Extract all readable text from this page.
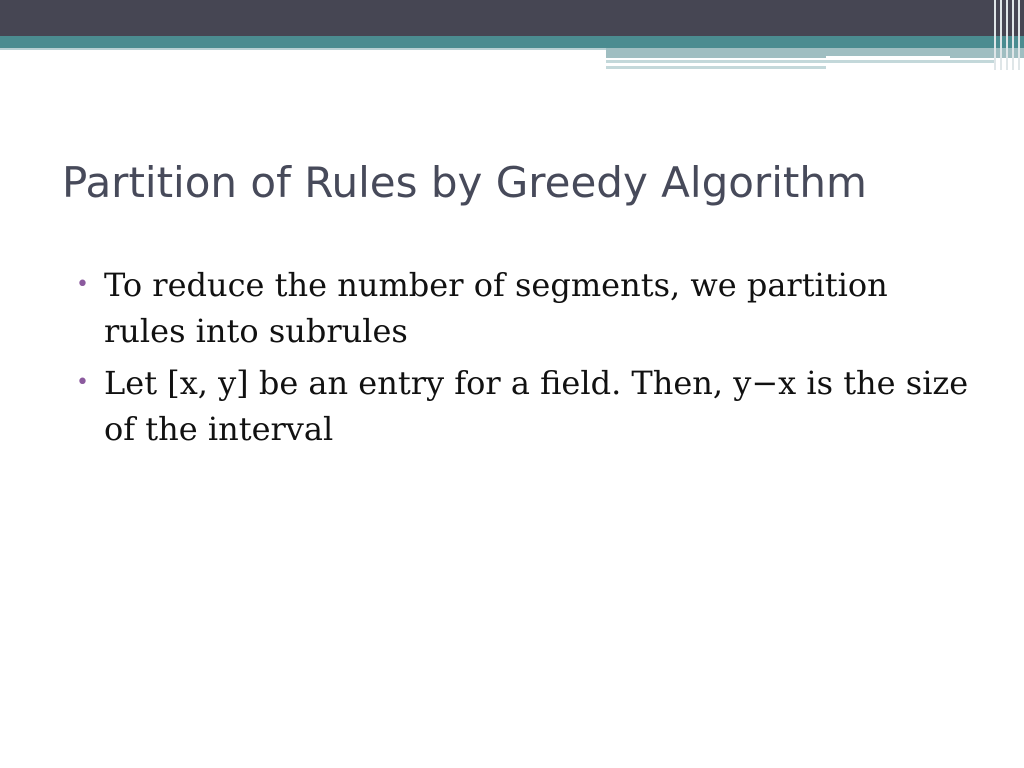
Partition of Rules by Greedy Algorithm
• To reduce the number of segments, we partition rules into subrules
• Let [x, y] be an entry for a field. Then, y−x is the size of the interval
